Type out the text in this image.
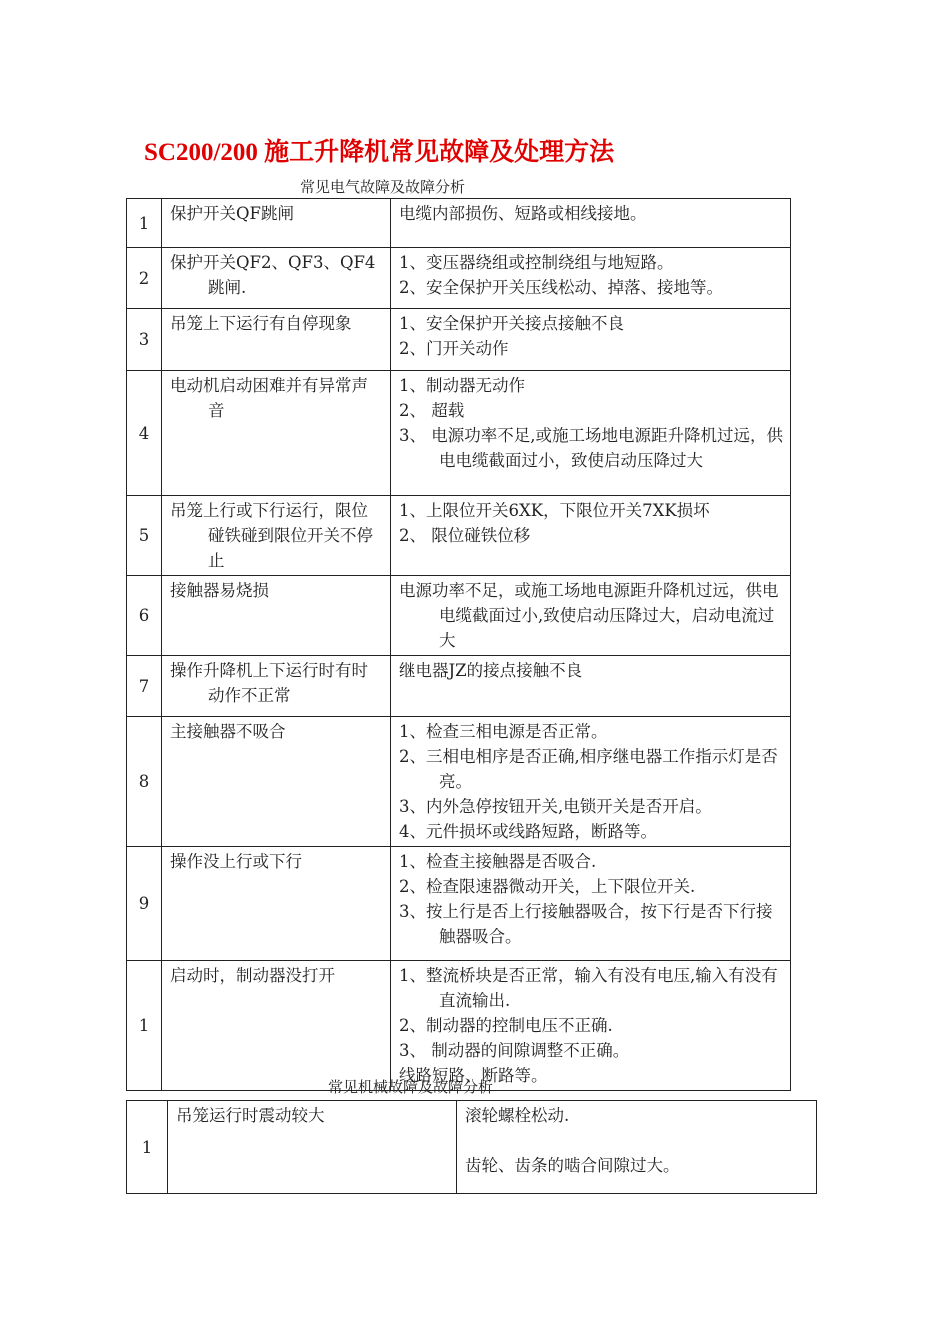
SC200/200 施工升降机常见故障及处理方法
常见电气故障及故障分析
1	保护开关QF跳闸	电缆内部损伤、短路或相线接地。

2	保护开关QF2、QF3、QF4跳闸.	1、变压器绕组或控制绕组与地短路。
2、安全保护开关压线松动、掉落、接地等。

3	吊笼上下运行有自停现象	1、安全保护开关接点接触不良
2、门开关动作

4	电动机启动困难并有异常声音	1、制动器无动作
2、 超载
3、 电源功率不足,或施工场地电源距升降机过远，供电电缆截面过小，致使启动压降过大

5	吊笼上行或下行运行，限位碰铁碰到限位开关不停止	1、上限位开关6XK，下限位开关7XK损坏
2、 限位碰铁位移

6	接触器易烧损	电源功率不足，或施工场地电源距升降机过远，供电电缆截面过小,致使启动压降过大，启动电流过大

7	操作升降机上下运行时有时动作不正常	继电器JZ的接点接触不良

8	主接触器不吸合	1、检查三相电源是否正常。
2、三相电相序是否正确,相序继电器工作指示灯是否亮。
3、内外急停按钮开关,电锁开关是否开启。
4、元件损坏或线路短路，断路等。

9	操作没上行或下行	1、检查主接触器是否吸合.
2、检查限速器微动开关，上下限位开关.
3、按上行是否上行接触器吸合，按下行是否下行接触器吸合。

1	启动时，制动器没打开	1、整流桥块是否正常，输入有没有电压,输入有没有直流输出.
2、制动器的控制电压不正确.
3、 制动器的间隙调整不正确。
线路短路、断路等。
常见机械故障及故障分析
1	
吊笼运行时震动较大	滚轮螺栓松动.
齿轮、齿条的啮合间隙过大。
